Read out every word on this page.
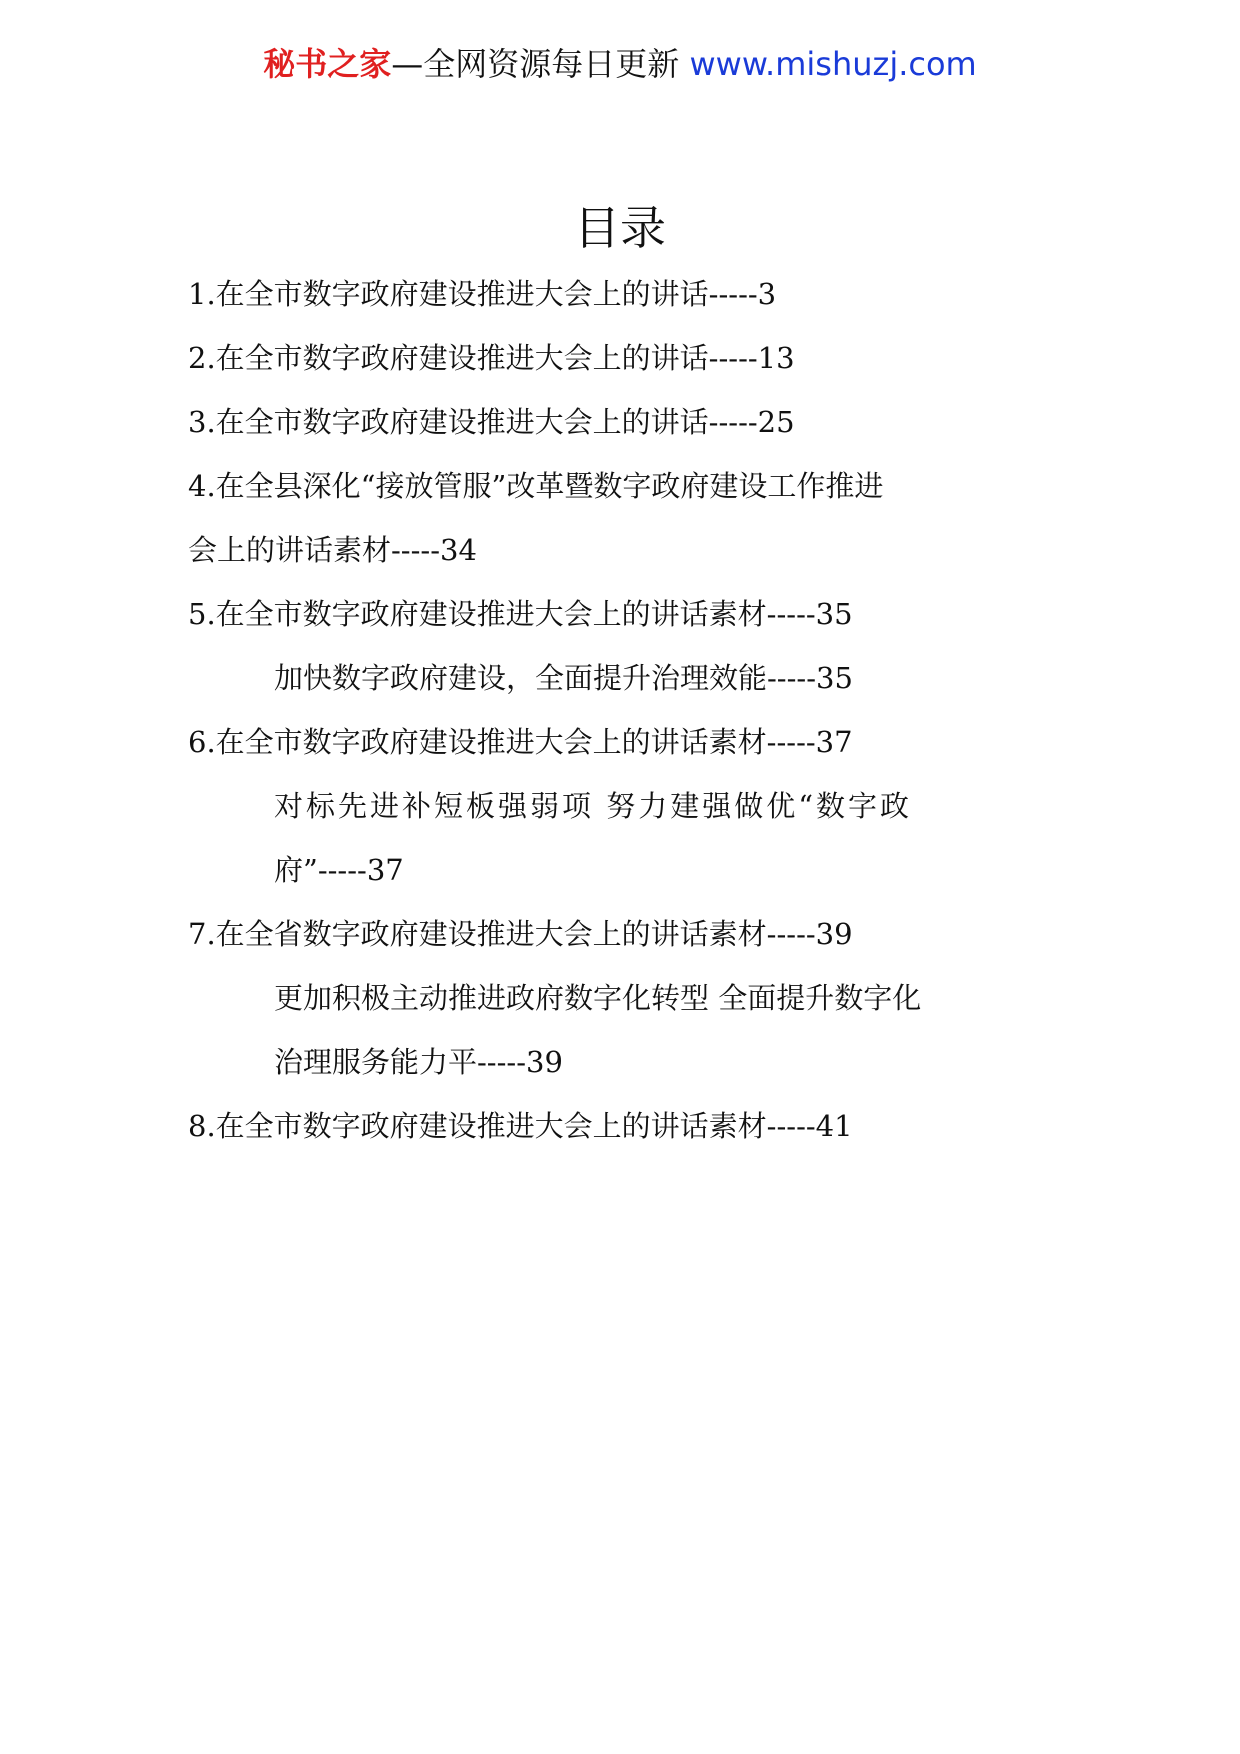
秘书之家—全网资源每日更新 www.mishuzj.com
目录

1.在全市数字政府建设推进大会上的讲话-----3

2.在全市数字政府建设推进大会上的讲话-----13

3.在全市数字政府建设推进大会上的讲话-----25

4.在全县深化“接放管服”改革暨数字政府建设工作推进

会上的讲话素材-----34

5.在全市数字政府建设推进大会上的讲话素材-----35

加快数字政府建设，全面提升治理效能-----35

6.在全市数字政府建设推进大会上的讲话素材-----37

对标先进补短板强弱项 努力建强做优“数字政

府”-----37

7.在全省数字政府建设推进大会上的讲话素材-----39

更加积极主动推进政府数字化转型 全面提升数字化

治理服务能力平-----39

8.在全市数字政府建设推进大会上的讲话素材-----41
